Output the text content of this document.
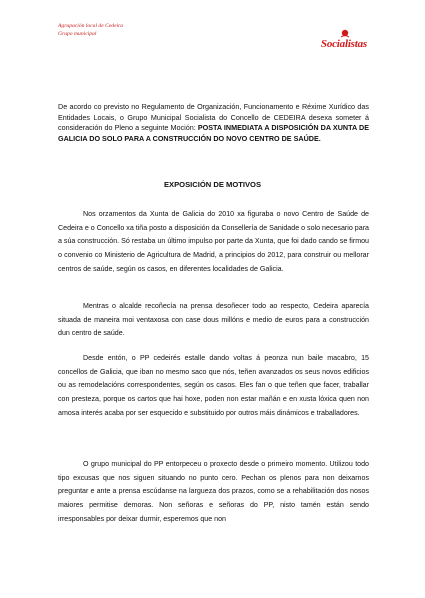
Agrupación local de Cedeira
Grupo municipal
Socialistas
De acordo co previsto no Regulamento de Organización, Funcionamento e Réxime Xurídico das Entidades Locais, o Grupo Municipal Socialista do Concello de CEDEIRA desexa someter á consideración do Pleno a seguinte Moción: POSTA INMEDIATA A DISPOSICIÓN DA XUNTA DE GALICIA DO SOLO PARA A CONSTRUCCIÓN DO NOVO CENTRO DE SAÚDE.
EXPOSICIÓN DE MOTIVOS

Nos orzamentos da Xunta de Galicia do 2010 xa figuraba o novo Centro de Saúde de Cedeira e o Concello xa tiña posto a disposición da Consellería de Sanidade o solo necesario para a súa construcción. Só restaba un último impulso por parte da Xunta, que foi dado cando se firmou o convenio co Ministerio de Agricultura de Madrid, a principios do 2012, para construir ou mellorar centros de saúde, según os casos, en diferentes localidades de Galicia.

Mentras o alcalde recoñecía na prensa desoñecer todo ao respecto, Cedeira aparecía situada de maneira moi ventaxosa con case dous millóns e medio de euros para a construcción dun centro de saúde.

Desde entón, o PP cedeirés estalle dando voltas á peonza nun baile macabro, 15 concellos de Galicia, que iban no mesmo saco que nós, teñen avanzados os seus novos edificios ou as remodelacións correspondentes, según os casos. Eles fan o que teñen que facer, traballar con presteza, porque os cartos que hai hoxe, poden non estar mañán e en xusta lóxica quen non amosa interés acaba por ser esquecido e substituido por outros máis dinámicos e traballadores.

O grupo municipal do PP entorpeceu o proxecto desde o primeiro momento. Utilizou todo tipo excusas que nos siguen situando no punto cero. Pechan os plenos para non deixarnos preguntar e ante a prensa escúdanse na largueza dos prazos, como se a rehabilitación dos nosos maiores permitise demoras. Non señoras e señoras do PP, nisto tamén están sendo irresponsables por deixar durmir, esperemos que non
